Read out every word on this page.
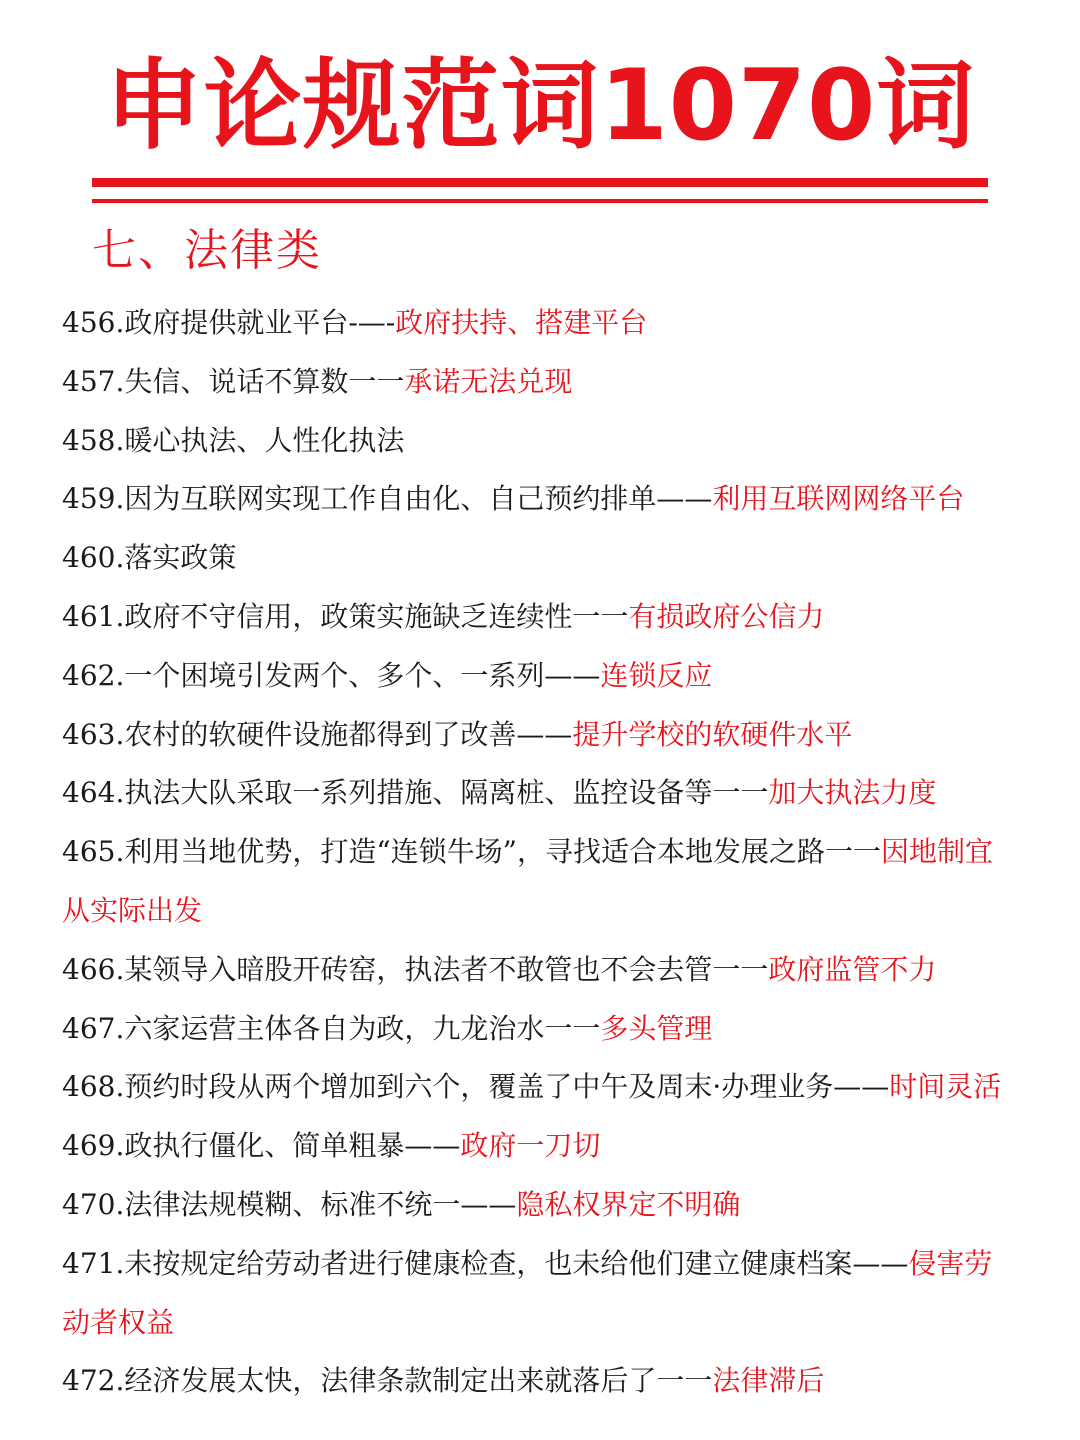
申论规范词1070词
七、法律类
456.政府提供就业平台-—-政府扶持、搭建平台
457.失信、说话不算数一一承诺无法兑现
458.暖心执法、人性化执法
459.因为互联网实现工作自由化、自己预约排单——利用互联网网络平台
460.落实政策
461.政府不守信用，政策实施缺乏连续性一一有损政府公信力
462.一个困境引发两个、多个、一系列——连锁反应
463.农村的软硬件设施都得到了改善——提升学校的软硬件水平
464.执法大队采取一系列措施、隔离桩、监控设备等一一加大执法力度
465.利用当地优势，打造“连锁牛场”，寻找适合本地发展之路一一因地制宜从实际出发
466.某领导入暗股开砖窑，执法者不敢管也不会去管一一政府监管不力
467.六家运营主体各自为政，九龙治水一一多头管理
468.预约时段从两个增加到六个，覆盖了中午及周末·办理业务——时间灵活
469.政执行僵化、简单粗暴——政府一刀切
470.法律法规模糊、标准不统一——隐私权界定不明确
471.未按规定给劳动者进行健康检查，也未给他们建立健康档案——侵害劳动者权益
472.经济发展太快，法律条款制定出来就落后了一一法律滞后
